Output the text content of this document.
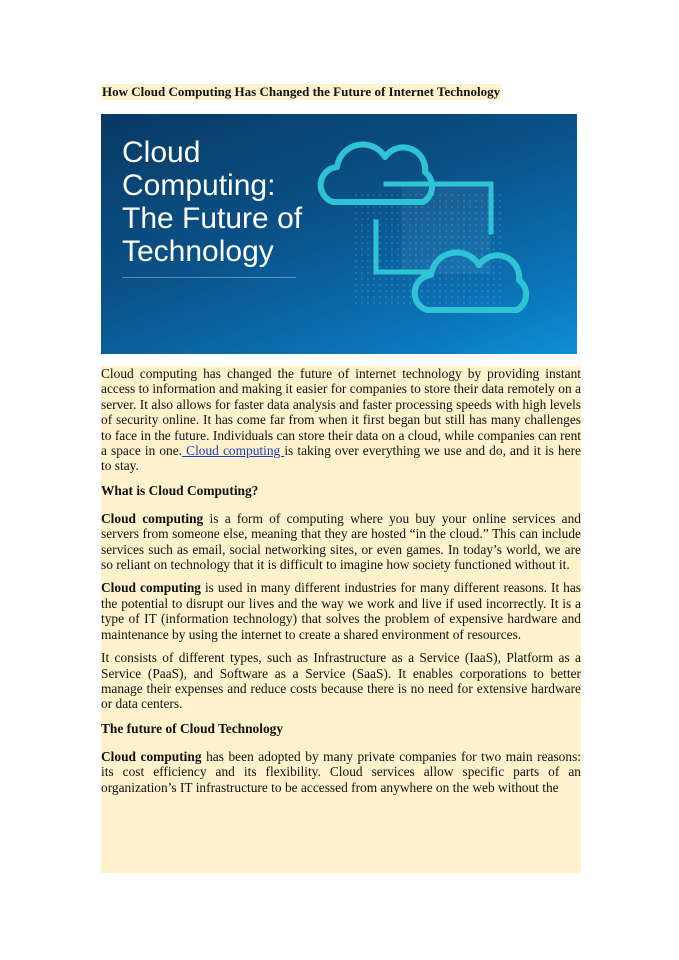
How Cloud Computing Has Changed the Future of Internet Technology
Cloud
Computing:
The Future of
Technology

Cloud computing has changed the future of internet technology by providing instant access to information and making it easier for companies to store their data remotely on a server. It also allows for faster data analysis and faster processing speeds with high levels of security online. It has come far from when it first began but still has many challenges to face in the future. Individuals can store their data on a cloud, while companies can rent a space in one. Cloud computing is taking over everything we use and do, and it is here to stay.

What is Cloud Computing?

Cloud computing is a form of computing where you buy your online services and servers from someone else, meaning that they are hosted “in the cloud.” This can include services such as email, social networking sites, or even games. In today’s world, we are so reliant on technology that it is difficult to imagine how society functioned without it.

Cloud computing is used in many different industries for many different reasons. It has the potential to disrupt our lives and the way we work and live if used incorrectly. It is a type of IT (information technology) that solves the problem of expensive hardware and maintenance by using the internet to create a shared environment of resources.

It consists of different types, such as Infrastructure as a Service (IaaS), Platform as a Service (PaaS), and Software as a Service (SaaS). It enables corporations to better manage their expenses and reduce costs because there is no need for extensive hardware or data centers.

The future of Cloud Technology

Cloud computing has been adopted by many private companies for two main reasons: its cost efficiency and its flexibility. Cloud services allow specific parts of an organization’s IT infrastructure to be accessed from anywhere on the web without the
